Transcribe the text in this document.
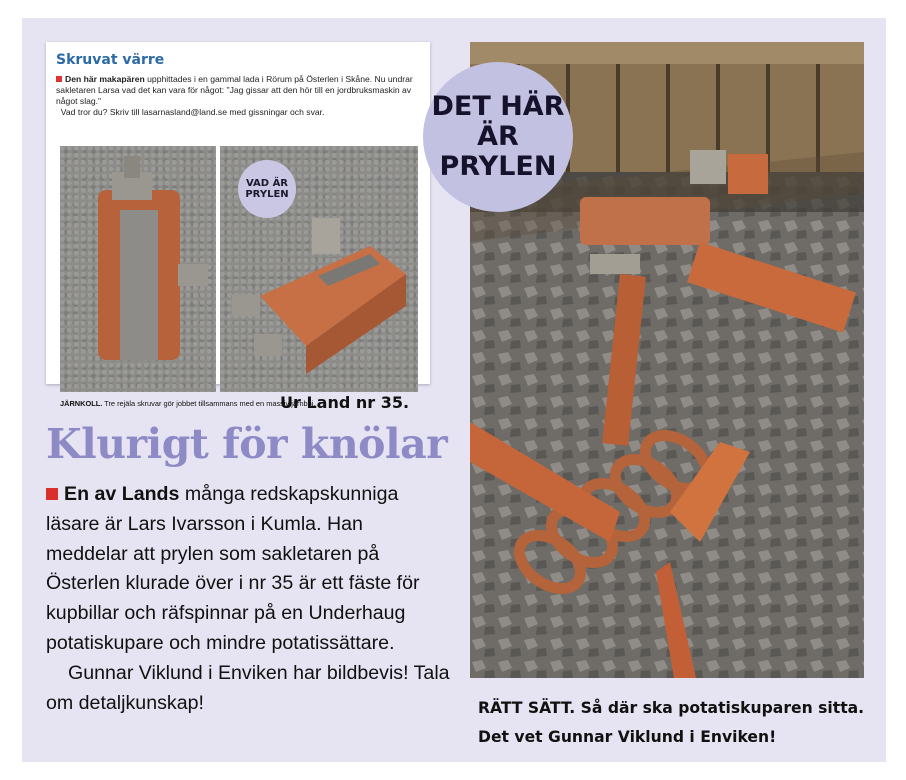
Skruvat värre

Den här makapären upphittades i en gammal lada i Rörum på Österlen i Skåne. Nu undrar sakletaren Larsa vad det kan vara för något: "Jag gissar att den hör till en jordbruksmaskin av något slag."
Vad tror du? Skriv till lasarnasland@land.se med gissningar och svar.

VAD ÄR PRYLEN

JÄRNKOLL. Tre rejäla skruvar gör jobbet tillsammans med en massiv järnböj.

Ur Land nr 35.
Klurigt för knölar

En av Lands många redskapskunniga läsare är Lars Ivarsson i Kumla. Han meddelar att prylen som sakletaren på Österlen klurade över i nr 35 är ett fäste för kupbillar och räfspinnar på en Underhaug potatiskupare och mindre potatissättare.
Gunnar Viklund i Enviken har bildbevis! Tala om detaljkunskap!

DET HÄR ÄR PRYLEN

RÄTT SÄTT. Så där ska potatiskuparen sitta. Det vet Gunnar Viklund i Enviken!
